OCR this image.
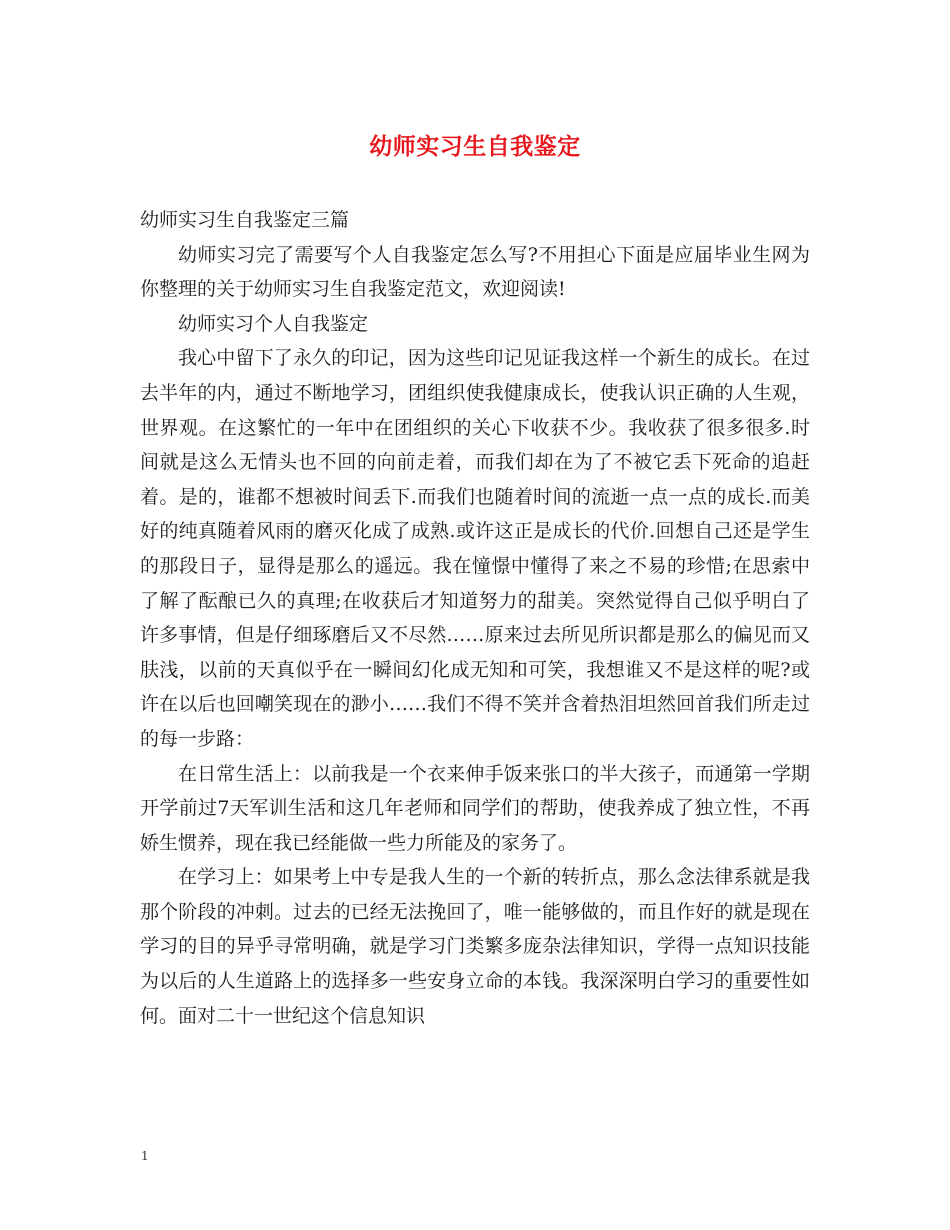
幼师实习生自我鉴定

幼师实习生自我鉴定三篇

幼师实习完了需要写个人自我鉴定怎么写?不用担心下面是应届毕业生网为你整理的关于幼师实习生自我鉴定范文，欢迎阅读!

幼师实习个人自我鉴定

我心中留下了永久的印记，因为这些印记见证我这样一个新生的成长。在过去半年的内，通过不断地学习，团组织使我健康成长，使我认识正确的人生观，世界观。在这繁忙的一年中在团组织的关心下收获不少。我收获了很多很多.时间就是这么无情头也不回的向前走着，而我们却在为了不被它丢下死命的追赶着。是的，谁都不想被时间丢下.而我们也随着时间的流逝一点一点的成长.而美好的纯真随着风雨的磨灭化成了成熟.或许这正是成长的代价.回想自己还是学生的那段日子，显得是那么的遥远。我在憧憬中懂得了来之不易的珍惜;在思索中了解了酝酿已久的真理;在收获后才知道努力的甜美。突然觉得自己似乎明白了许多事情，但是仔细琢磨后又不尽然……原来过去所见所识都是那么的偏见而又肤浅，以前的天真似乎在一瞬间幻化成无知和可笑，我想谁又不是这样的呢?或许在以后也回嘲笑现在的渺小……我们不得不笑并含着热泪坦然回首我们所走过的每一步路：

在日常生活上：以前我是一个衣来伸手饭来张口的半大孩子，而通第一学期开学前过7天军训生活和这几年老师和同学们的帮助，使我养成了独立性，不再娇生惯养，现在我已经能做一些力所能及的家务了。

在学习上：如果考上中专是我人生的一个新的转折点，那么念法律系就是我那个阶段的冲刺。过去的已经无法挽回了，唯一能够做的，而且作好的就是现在学习的目的异乎寻常明确，就是学习门类繁多庞杂法律知识，学得一点知识技能为以后的人生道路上的选择多一些安身立命的本钱。我深深明白学习的重要性如何。面对二十一世纪这个信息知识

1
